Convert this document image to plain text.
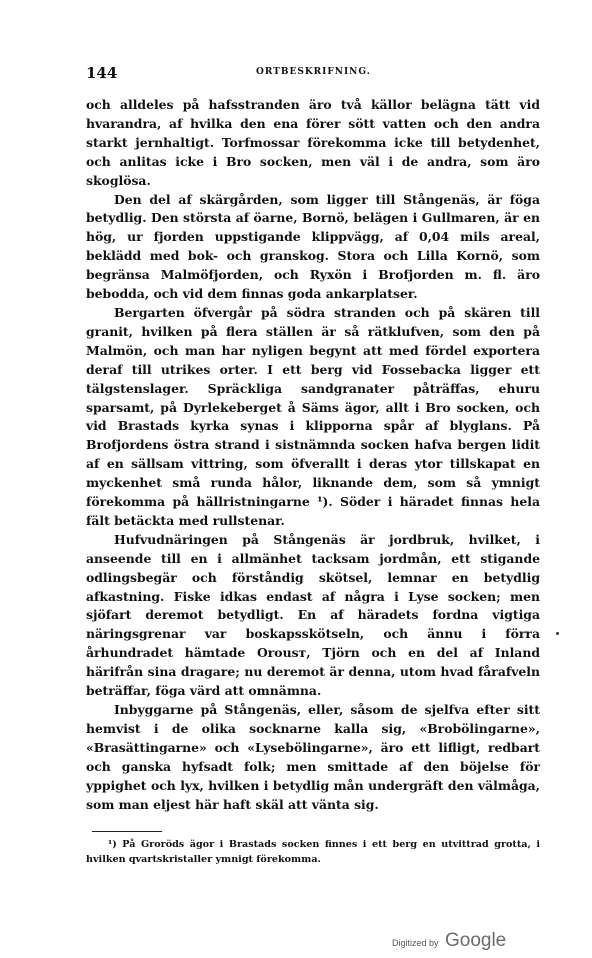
144	ORTBESKRIFNING.

och alldeles på hafsstranden äro två källor belägna tätt vid hvarandra, af hvilka den ena förer sött vatten och den andra starkt jernhaltigt. Torfmossar förekomma icke till betydenhet, och anlitas icke i Bro socken, men väl i de andra, som äro skoglösa.

Den del af skärgården, som ligger till Stångenäs, är föga betydlig. Den största af öarne, Bornö, belägen i Gullmaren, är en hög, ur fjorden uppstigande klippvägg, af 0,04 mils areal, beklädd med bok- och granskog. Stora och Lilla Kornö, som begränsa Malmöfjorden, och Ryxön i Brofjorden m. fl. äro bebodda, och vid dem finnas goda ankarplatser.

Bergarten öfvergår på södra stranden och på skären till granit, hvilken på flera ställen är så rätklufven, som den på Malmön, och man har nyligen begynt att med fördel exportera deraf till utrikes orter. I ett berg vid Fossebacka ligger ett tälgstenslager. Spräckliga sandgranater påträffas, ehuru sparsamt, på Dyrlekeberget å Säms ägor, allt i Bro socken, och vid Brastads kyrka synas i klipporna spår af blyglans. På Brofjordens östra strand i sistnämnda socken hafva bergen lidit af en sällsam vittring, som öfverallt i deras ytor tillskapat en myckenhet små runda hålor, liknande dem, som så ymnigt förekomma på hällristningarne ¹). Söder i häradet finnas hela fält betäckta med rullstenar.

Hufvudnäringen på Stångenäs är jordbruk, hvilket, i anseende till en i allmänhet tacksam jordmån, ett stigande odlingsbegär och förståndig skötsel, lemnar en betydlig afkastning. Fiske idkas endast af några i Lyse socken; men sjöfart deremot betydligt. En af häradets fordna vigtiga näringsgrenar var boskapsskötseln, och ännu i förra århundradet hämtade Orousт, Tjörn och en del af Inland härifrån sina dragare; nu deremot är denna, utom hvad fårafveln beträffar, föga värd att omnämna.

Inbyggarne på Stångenäs, eller, såsom de sjelfva efter sitt hemvist i de olika socknarne kalla sig, «Brobölingarne», «Brasättingarne» och «Lysebölingarne», äro ett lifligt, redbart och ganska hyfsadt folk; men smittade af den böjelse för yppighet och lyx, hvilken i betydlig mån undergräft den välmåga, som man eljest här haft skäl att vänta sig.

¹) På Groröds ägor i Brastads socken finnes i ett berg en utvittrad grotta, i hvilken qvartskristaller ymnigt förekomma.
Digitized by Google
